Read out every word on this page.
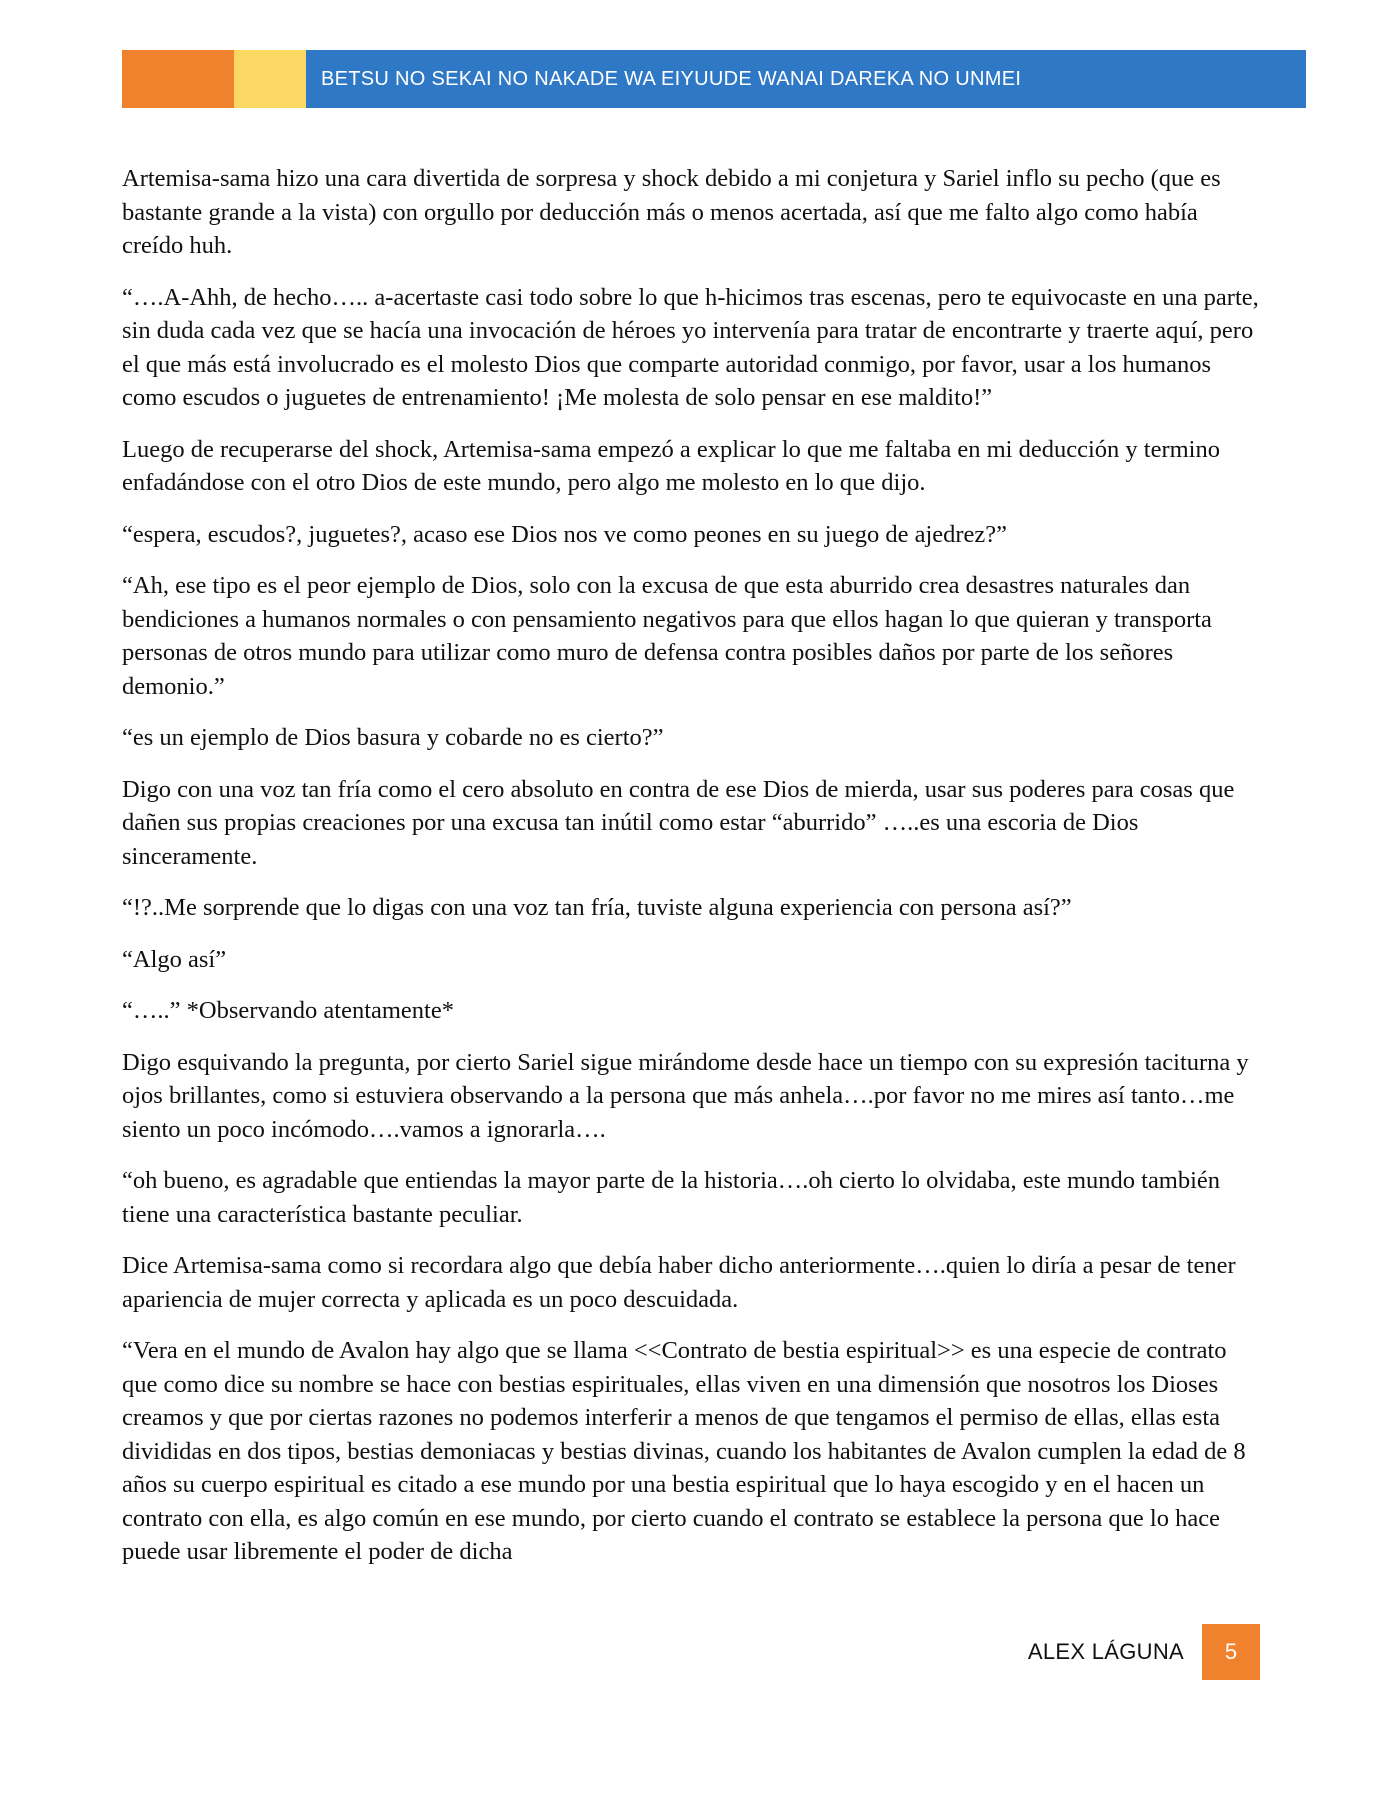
BETSU NO SEKAI NO NAKADE WA EIYUUDE WANAI DAREKA NO UNMEI

Artemisa-sama hizo una cara divertida de sorpresa y shock debido a mi conjetura y Sariel inflo su pecho (que es bastante grande a la vista) con orgullo por deducción más o menos acertada, así que me falto algo como había creído huh.

“….A-Ahh, de hecho….. a-acertaste casi todo sobre lo que h-hicimos tras escenas, pero te equivocaste en una parte, sin duda cada vez que se hacía una invocación de héroes yo intervenía para tratar de encontrarte y traerte aquí, pero el que más está involucrado es el molesto Dios que comparte autoridad conmigo, por favor, usar a los humanos como escudos o juguetes de entrenamiento! ¡Me molesta de solo pensar en ese maldito!”

Luego de recuperarse del shock, Artemisa-sama empezó a explicar lo que me faltaba en mi deducción y termino enfadándose con el otro Dios de este mundo, pero algo me molesto en lo que dijo.

“espera, escudos?, juguetes?, acaso ese Dios nos ve como peones en su juego de ajedrez?”

“Ah, ese tipo es el peor ejemplo de Dios, solo con la excusa de que esta aburrido crea desastres naturales dan bendiciones a humanos normales o con pensamiento negativos para que ellos hagan lo que quieran y transporta personas de otros mundo para utilizar como muro de defensa contra posibles daños por parte de los señores demonio.”

“es un ejemplo de Dios basura y cobarde no es cierto?”

Digo con una voz tan fría como el cero absoluto en contra de ese Dios de mierda, usar sus poderes para cosas que dañen sus propias creaciones por una excusa tan inútil como estar “aburrido” …..es una escoria de Dios sinceramente.

“!?..Me sorprende que lo digas con una voz tan fría, tuviste alguna experiencia con persona así?”

“Algo así”

“…..” *Observando atentamente*

Digo esquivando la pregunta, por cierto Sariel sigue mirándome desde hace un tiempo con su expresión taciturna y ojos brillantes, como si estuviera observando a la persona que más anhela….por favor no me mires así tanto…me siento un poco incómodo….vamos a ignorarla….

“oh bueno, es agradable que entiendas la mayor parte de la historia….oh cierto lo olvidaba, este mundo también tiene una característica bastante peculiar.

Dice Artemisa-sama como si recordara algo que debía haber dicho anteriormente….quien lo diría a pesar de tener apariencia de mujer correcta y aplicada es un poco descuidada.

“Vera en el mundo de Avalon hay algo que se llama <<Contrato de bestia espiritual>> es una especie de contrato que como dice su nombre se hace con bestias espirituales, ellas viven en una dimensión que nosotros los Dioses creamos y que por ciertas razones no podemos interferir a menos de que tengamos el permiso de ellas, ellas esta divididas en dos tipos, bestias demoniacas y bestias divinas, cuando los habitantes de Avalon cumplen la edad de 8 años su cuerpo espiritual es citado a ese mundo por una bestia espiritual que lo haya escogido y en el hacen un contrato con ella, es algo común en ese mundo, por cierto cuando el contrato se establece la persona que lo hace puede usar libremente el poder de dicha

ALEX LÁGUNA	5
